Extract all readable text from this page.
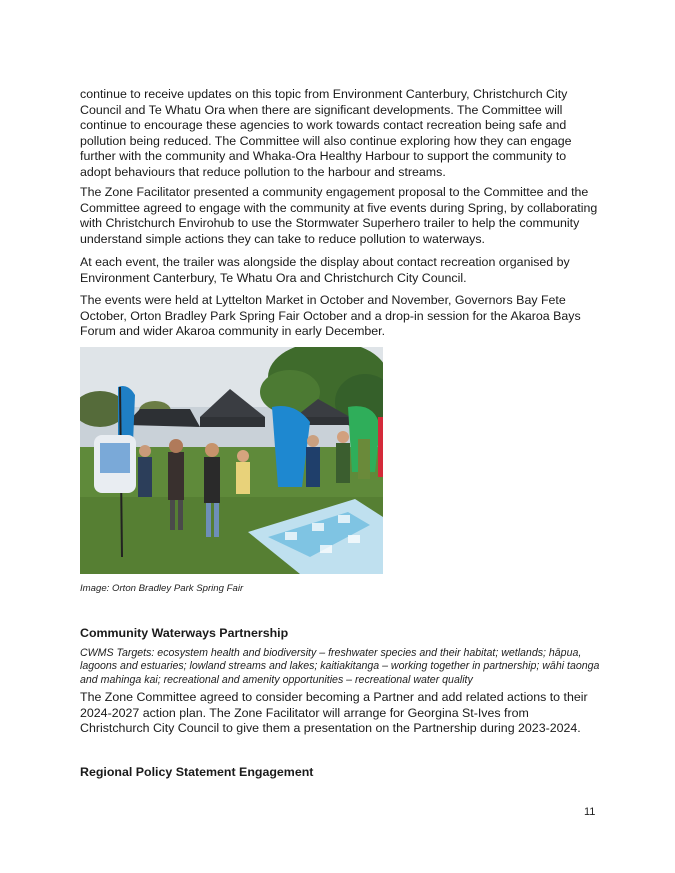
continue to receive updates on this topic from Environment Canterbury, Christchurch City Council and Te Whatu Ora when there are significant developments. The Committee will continue to encourage these agencies to work towards contact recreation being safe and pollution being reduced. The Committee will also continue exploring how they can engage further with the community and Whaka-Ora Healthy Harbour to support the community to adopt behaviours that reduce pollution to the harbour and streams.

The Zone Facilitator presented a community engagement proposal to the Committee and the Committee agreed to engage with the community at five events during Spring, by collaborating with Christchurch Envirohub to use the Stormwater Superhero trailer to help the community understand simple actions they can take to reduce pollution to waterways.

At each event, the trailer was alongside the display about contact recreation organised by Environment Canterbury, Te Whatu Ora and Christchurch City Council.

The events were held at Lyttelton Market in October and November, Governors Bay Fete October, Orton Bradley Park Spring Fair October and a drop-in session for the Akaroa Bays Forum and wider Akaroa community in early December.

Image: Orton Bradley Park Spring Fair
Community Waterways Partnership

CWMS Targets: ecosystem health and biodiversity – freshwater species and their habitat; wetlands; hāpua, lagoons and estuaries; lowland streams and lakes; kaitiakitanga – working together in partnership; wāhi taonga and mahinga kai; recreational and amenity opportunities – recreational water quality

The Zone Committee agreed to consider becoming a Partner and add related actions to their 2024-2027 action plan. The Zone Facilitator will arrange for Georgina St-Ives from Christchurch City Council to give them a presentation on the Partnership during 2023-2024.

Regional Policy Statement Engagement
11
